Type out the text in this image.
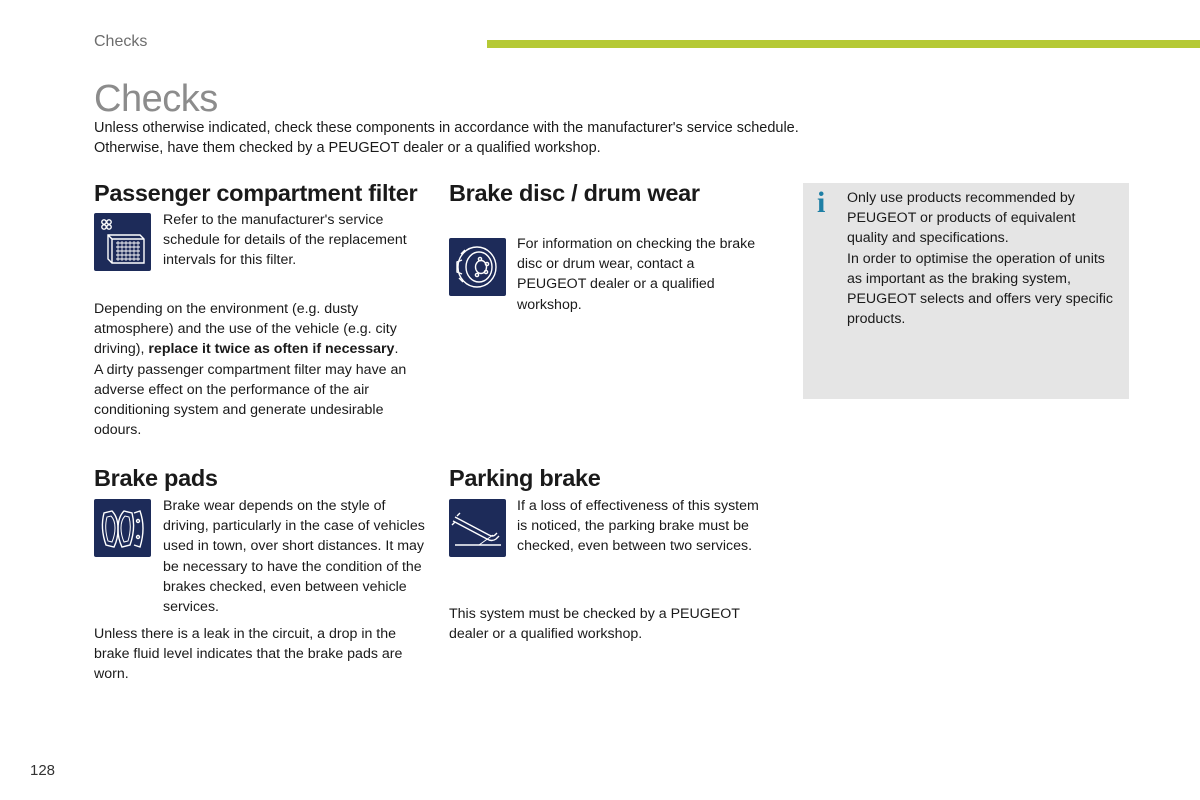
Checks
Checks

Unless otherwise indicated, check these components in accordance with the manufacturer's service schedule.

Otherwise, have them checked by a PEUGEOT dealer or a qualified workshop.

Passenger compartment filter
Refer to the manufacturer's service schedule for details of the replacement intervals for this filter.

Depending on the environment (e.g. dusty atmosphere) and the use of the vehicle (e.g. city driving), replace it twice as often if necessary.

A dirty passenger compartment filter may have an adverse effect on the performance of the air conditioning system and generate undesirable odours.

Brake disc / drum wear
For information on checking the brake disc or drum wear, contact a PEUGEOT dealer or a qualified workshop.
i Only use products recommended by PEUGEOT or products of equivalent quality and specifications.

In order to optimise the operation of units as important as the braking system, PEUGEOT selects and offers very specific products.

Brake pads
Brake wear depends on the style of driving, particularly in the case of vehicles used in town, over short distances. It may be necessary to have the condition of the brakes checked, even between vehicle services.
Unless there is a leak in the circuit, a drop in the brake fluid level indicates that the brake pads are worn.
Parking brake
If a loss of effectiveness of this system is noticed, the parking brake must be checked, even between two services.
This system must be checked by a PEUGEOT dealer or a qualified workshop.
128
